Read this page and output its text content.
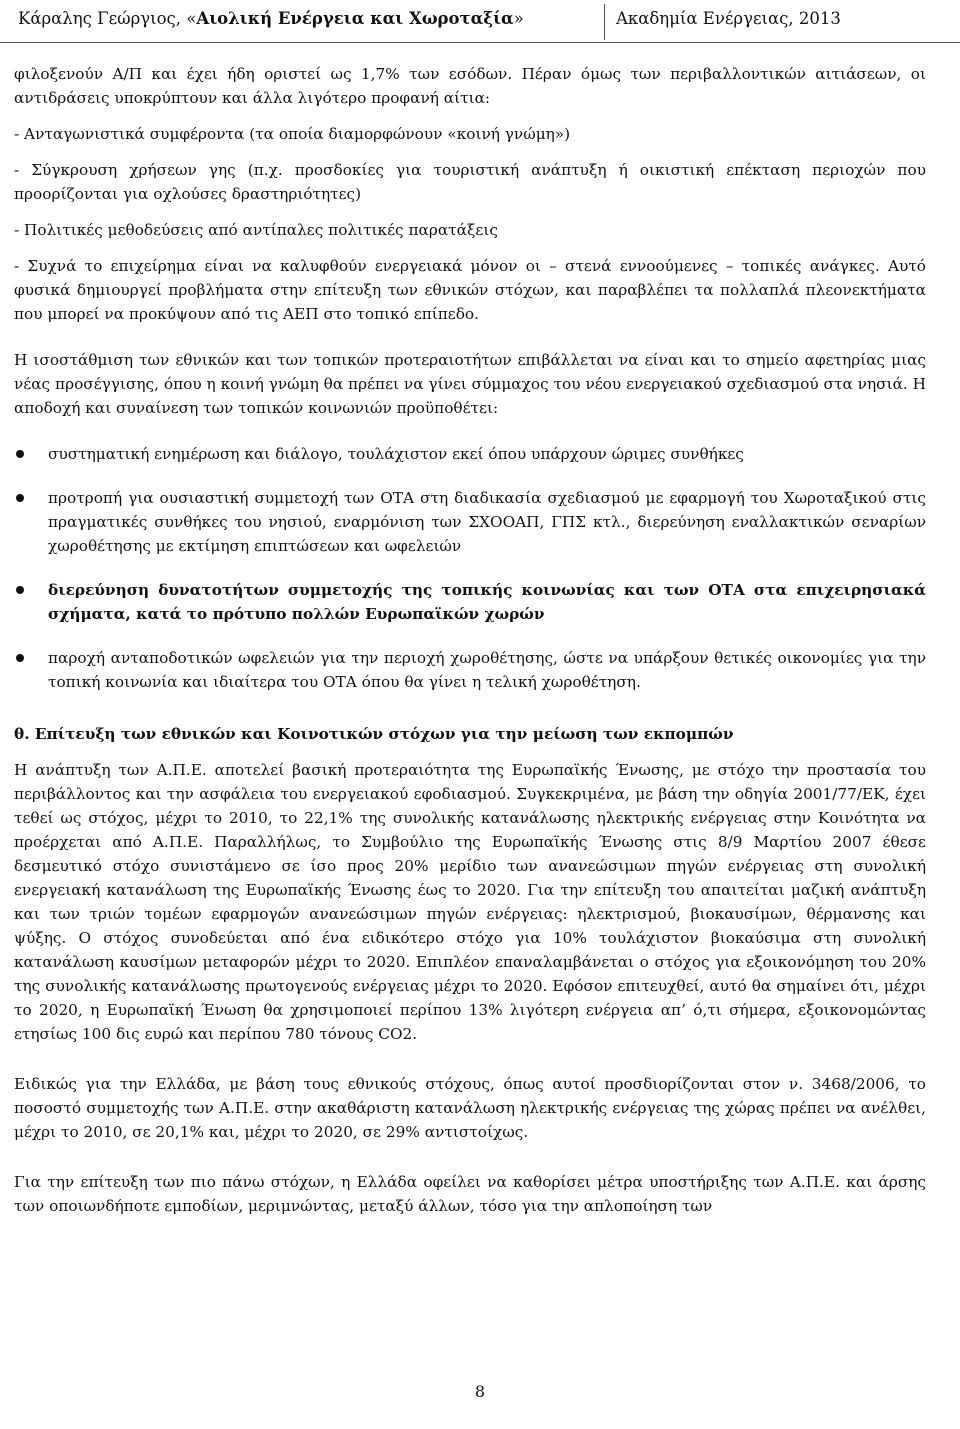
Κάραλης Γεώργιος, «Αιολική Ενέργεια και Χωροταξία»	Ακαδημία Ενέργειας, 2013

φιλοξενούν Α/Π και έχει ήδη οριστεί ως 1,7% των εσόδων. Πέραν όμως των περιβαλλοντικών αιτιάσεων, οι αντιδράσεις υποκρύπτουν και άλλα λιγότερο προφανή αίτια:

- Ανταγωνιστικά συμφέροντα (τα οποία διαμορφώνουν «κοινή γνώμη»)

- Σύγκρουση χρήσεων γης (π.χ. προσδοκίες για τουριστική ανάπτυξη ή οικιστική επέκταση περιοχών που προορίζονται για οχλούσες δραστηριότητες)

- Πολιτικές μεθοδεύσεις από αντίπαλες πολιτικές παρατάξεις

- Συχνά το επιχείρημα είναι να καλυφθούν ενεργειακά μόνον οι – στενά εννοούμενες – τοπικές ανάγκες. Αυτό φυσικά δημιουργεί προβλήματα στην επίτευξη των εθνικών στόχων, και παραβλέπει τα πολλαπλά πλεονεκτήματα που μπορεί να προκύψουν από τις ΑΕΠ στο τοπικό επίπεδο.

Η ισοστάθμιση των εθνικών και των τοπικών προτεραιοτήτων επιβάλλεται να είναι και το σημείο αφετηρίας μιας νέας προσέγγισης, όπου η κοινή γνώμη θα πρέπει να γίνει σύμμαχος του νέου ενεργειακού σχεδιασμού στα νησιά. Η αποδοχή και συναίνεση των τοπικών κοινωνιών προϋποθέτει:

συστηματική ενημέρωση και διάλογο, τουλάχιστον εκεί όπου υπάρχουν ώριμες συνθήκες
προτροπή για ουσιαστική συμμετοχή των ΟΤΑ στη διαδικασία σχεδιασμού με εφαρμογή του Χωροταξικού στις πραγματικές συνθήκες του νησιού, εναρμόνιση των ΣΧΟΟΑΠ, ΓΠΣ κτλ., διερεύνηση εναλλακτικών σεναρίων χωροθέτησης με εκτίμηση επιπτώσεων και ωφελειών
διερεύνηση δυνατοτήτων συμμετοχής της τοπικής κοινωνίας και των ΟΤΑ στα επιχειρησιακά σχήματα, κατά το πρότυπο πολλών Ευρωπαϊκών χωρών
παροχή ανταποδοτικών ωφελειών για την περιοχή χωροθέτησης, ώστε να υπάρξουν θετικές οικονομίες για την τοπική κοινωνία και ιδιαίτερα του ΟΤΑ όπου θα γίνει η τελική χωροθέτηση.

θ. Επίτευξη των εθνικών και Κοινοτικών στόχων για την μείωση των εκπομπών

Η ανάπτυξη των Α.Π.Ε. αποτελεί βασική προτεραιότητα της Ευρωπαϊκής Ένωσης, με στόχο την προστασία του περιβάλλοντος και την ασφάλεια του ενεργειακού εφοδιασμού. Συγκεκριμένα, με βάση την οδηγία 2001/77/ΕΚ, έχει τεθεί ως στόχος, μέχρι το 2010, το 22,1% της συνολικής κατανάλωσης ηλεκτρικής ενέργειας στην Κοινότητα να προέρχεται από Α.Π.Ε. Παραλλήλως, το Συμβούλιο της Ευρωπαϊκής Ένωσης στις 8/9 Μαρτίου 2007 έθεσε δεσμευτικό στόχο συνιστάμενο σε ίσο προς 20% μερίδιο των ανανεώσιμων πηγών ενέργειας στη συνολική ενεργειακή κατανάλωση της Ευρωπαϊκής Ένωσης έως το 2020. Για την επίτευξη του απαιτείται μαζική ανάπτυξη και των τριών τομέων εφαρμογών ανανεώσιμων πηγών ενέργειας: ηλεκτρισμού, βιοκαυσίμων, θέρμανσης και ψύξης. Ο στόχος συνοδεύεται από ένα ειδικότερο στόχο για 10% τουλάχιστον βιοκαύσιμα στη συνολική κατανάλωση καυσίμων μεταφορών μέχρι το 2020. Επιπλέον επαναλαμβάνεται ο στόχος για εξοικονόμηση του 20% της συνολικής κατανάλωσης πρωτογενούς ενέργειας μέχρι το 2020. Εφόσον επιτευχθεί, αυτό θα σημαίνει ότι, μέχρι το 2020, η Ευρωπαϊκή Ένωση θα χρησιμοποιεί περίπου 13% λιγότερη ενέργεια απ’ ό,τι σήμερα, εξοικονομώντας ετησίως 100 δις ευρώ και περίπου 780 τόνους CO2.

Ειδικώς για την Ελλάδα, με βάση τους εθνικούς στόχους, όπως αυτοί προσδιορίζονται στον ν. 3468/2006, το ποσοστό συμμετοχής των Α.Π.Ε. στην ακαθάριστη κατανάλωση ηλεκτρικής ενέργειας της χώρας πρέπει να ανέλθει, μέχρι το 2010, σε 20,1% και, μέχρι το 2020, σε 29% αντιστοίχως.

Για την επίτευξη των πιο πάνω στόχων, η Ελλάδα οφείλει να καθορίσει μέτρα υποστήριξης των Α.Π.Ε. και άρσης των οποιωνδήποτε εμποδίων, μεριμνώντας, μεταξύ άλλων, τόσο για την απλοποίηση των

8
